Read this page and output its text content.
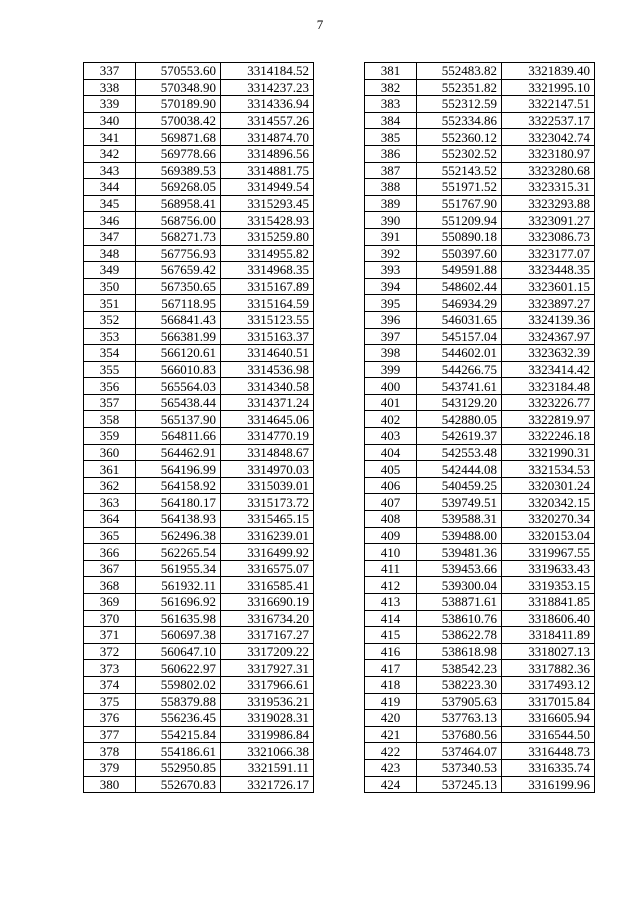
7
337	570553.60	3314184.52
338	570348.90	3314237.23
339	570189.90	3314336.94
340	570038.42	3314557.26
341	569871.68	3314874.70
342	569778.66	3314896.56
343	569389.53	3314881.75
344	569268.05	3314949.54
345	568958.41	3315293.45
346	568756.00	3315428.93
347	568271.73	3315259.80
348	567756.93	3314955.82
349	567659.42	3314968.35
350	567350.65	3315167.89
351	567118.95	3315164.59
352	566841.43	3315123.55
353	566381.99	3315163.37
354	566120.61	3314640.51
355	566010.83	3314536.98
356	565564.03	3314340.58
357	565438.44	3314371.24
358	565137.90	3314645.06
359	564811.66	3314770.19
360	564462.91	3314848.67
361	564196.99	3314970.03
362	564158.92	3315039.01
363	564180.17	3315173.72
364	564138.93	3315465.15
365	562496.38	3316239.01
366	562265.54	3316499.92
367	561955.34	3316575.07
368	561932.11	3316585.41
369	561696.92	3316690.19
370	561635.98	3316734.20
371	560697.38	3317167.27
372	560647.10	3317209.22
373	560622.97	3317927.31
374	559802.02	3317966.61
375	558379.88	3319536.21
376	556236.45	3319028.31
377	554215.84	3319986.84
378	554186.61	3321066.38
379	552950.85	3321591.11
380	552670.83	3321726.17
381	552483.82	3321839.40
382	552351.82	3321995.10
383	552312.59	3322147.51
384	552334.86	3322537.17
385	552360.12	3323042.74
386	552302.52	3323180.97
387	552143.52	3323280.68
388	551971.52	3323315.31
389	551767.90	3323293.88
390	551209.94	3323091.27
391	550890.18	3323086.73
392	550397.60	3323177.07
393	549591.88	3323448.35
394	548602.44	3323601.15
395	546934.29	3323897.27
396	546031.65	3324139.36
397	545157.04	3324367.97
398	544602.01	3323632.39
399	544266.75	3323414.42
400	543741.61	3323184.48
401	543129.20	3323226.77
402	542880.05	3322819.97
403	542619.37	3322246.18
404	542553.48	3321990.31
405	542444.08	3321534.53
406	540459.25	3320301.24
407	539749.51	3320342.15
408	539588.31	3320270.34
409	539488.00	3320153.04
410	539481.36	3319967.55
411	539453.66	3319633.43
412	539300.04	3319353.15
413	538871.61	3318841.85
414	538610.76	3318606.40
415	538622.78	3318411.89
416	538618.98	3318027.13
417	538542.23	3317882.36
418	538223.30	3317493.12
419	537905.63	3317015.84
420	537763.13	3316605.94
421	537680.56	3316544.50
422	537464.07	3316448.73
423	537340.53	3316335.74
424	537245.13	3316199.96
